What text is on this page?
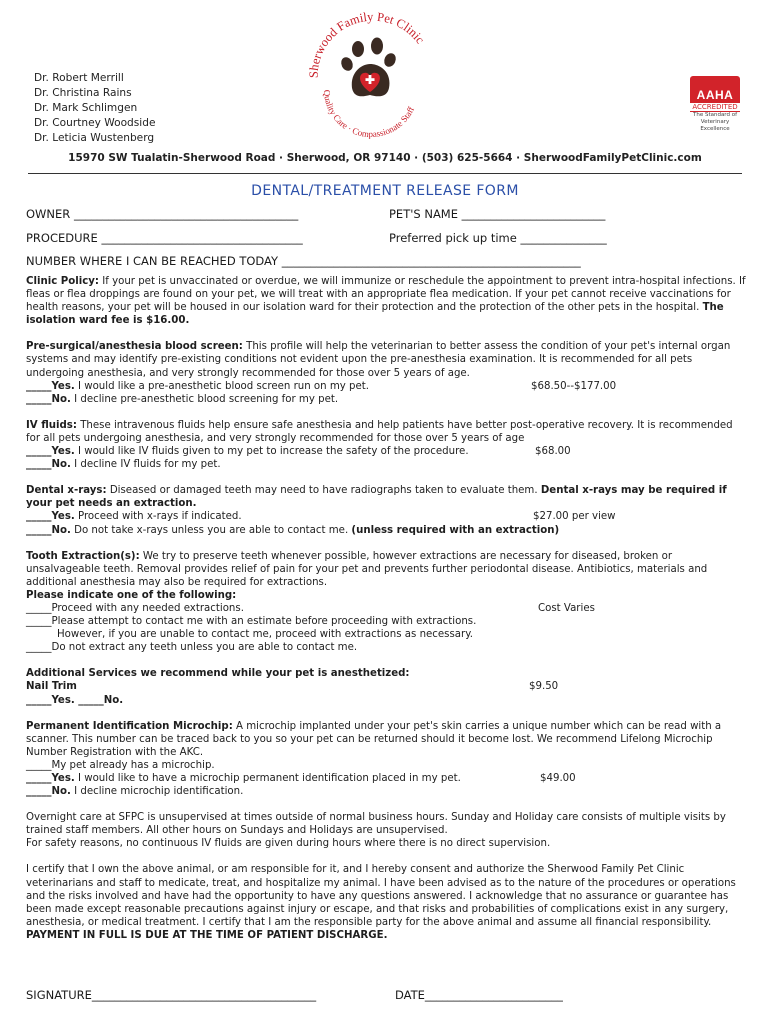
Dr. Robert Merrill
Dr. Christina Rains
Dr. Mark Schlimgen
Dr. Courtney Woodside
Dr. Leticia Wustenberg
Sherwood Family Pet Clinic
Quality Care · Compassionate Staff
AAHA
ACCREDITED
The Standard of
Veterinary Excellence
15970 SW Tualatin-Sherwood Road · Sherwood, OR 97140 · (503) 625-5664 · SherwoodFamilyPetClinic.com
DENTAL/TREATMENT RELEASE FORM
OWNER _______________________________________	PET'S NAME _________________________
PROCEDURE ___________________________________	Preferred pick up time _______________
NUMBER WHERE I CAN BE REACHED TODAY ____________________________________________________

Clinic Policy: If your pet is unvaccinated or overdue, we will immunize or reschedule the appointment to prevent intra-hospital infections. If fleas or flea droppings are found on your pet, we will treat with an appropriate flea medication. If your pet cannot receive vaccinations for health reasons, your pet will be housed in our isolation ward for their protection and the protection of the other pets in the hospital. The isolation ward fee is $16.00.

Pre-surgical/anesthesia blood screen: This profile will help the veterinarian to better assess the condition of your pet's internal organ systems and may identify pre-existing conditions not evident upon the pre-anesthesia examination. It is recommended for all pets undergoing anesthesia, and very strongly recommended for those over 5 years of age.
_____Yes. I would like a pre-anesthetic blood screen run on my pet.	$68.50--$177.00
_____No. I decline pre-anesthetic blood screening for my pet.

IV fluids: These intravenous fluids help ensure safe anesthesia and help patients have better post-operative recovery. It is recommended for all pets undergoing anesthesia, and very strongly recommended for those over 5 years of age
_____Yes. I would like IV fluids given to my pet to increase the safety of the procedure.	$68.00
_____No. I decline IV fluids for my pet.

Dental x-rays: Diseased or damaged teeth may need to have radiographs taken to evaluate them. Dental x-rays may be required if your pet needs an extraction.
_____Yes. Proceed with x-rays if indicated.	$27.00 per view
_____No. Do not take x-rays unless you are able to contact me. (unless required with an extraction)

Tooth Extraction(s): We try to preserve teeth whenever possible, however extractions are necessary for diseased, broken or unsalvageable teeth. Removal provides relief of pain for your pet and prevents further periodontal disease. Antibiotics, materials and additional anesthesia may also be required for extractions.
Please indicate one of the following:
_____Proceed with any needed extractions.	Cost Varies
_____Please attempt to contact me with an estimate before proceeding with extractions.
However, if you are unable to contact me, proceed with extractions as necessary.
_____Do not extract any teeth unless you are able to contact me.

Additional Services we recommend while your pet is anesthetized:
Nail Trim	$9.50
_____Yes. _____No.

Permanent Identification Microchip: A microchip implanted under your pet's skin carries a unique number which can be read with a scanner. This number can be traced back to you so your pet can be returned should it become lost. We recommend Lifelong Microchip Number Registration with the AKC.
_____My pet already has a microchip.
_____Yes. I would like to have a microchip permanent identification placed in my pet.	$49.00
_____No. I decline microchip identification.

Overnight care at SFPC is unsupervised at times outside of normal business hours. Sunday and Holiday care consists of multiple visits by trained staff members. All other hours on Sundays and Holidays are unsupervised.
For safety reasons, no continuous IV fluids are given during hours where there is no direct supervision.

I certify that I own the above animal, or am responsible for it, and I hereby consent and authorize the Sherwood Family Pet Clinic veterinarians and staff to medicate, treat, and hospitalize my animal. I have been advised as to the nature of the procedures or operations and the risks involved and have had the opportunity to have any questions answered. I acknowledge that no assurance or guarantee has been made except reasonable precautions against injury or escape, and that risks and probabilities of complications exist in any surgery, anesthesia, or medical treatment. I certify that I am the responsible party for the above animal and assume all financial responsibility. PAYMENT IN FULL IS DUE AT THE TIME OF PATIENT DISCHARGE.

SIGNATURE_______________________________________	DATE________________________
